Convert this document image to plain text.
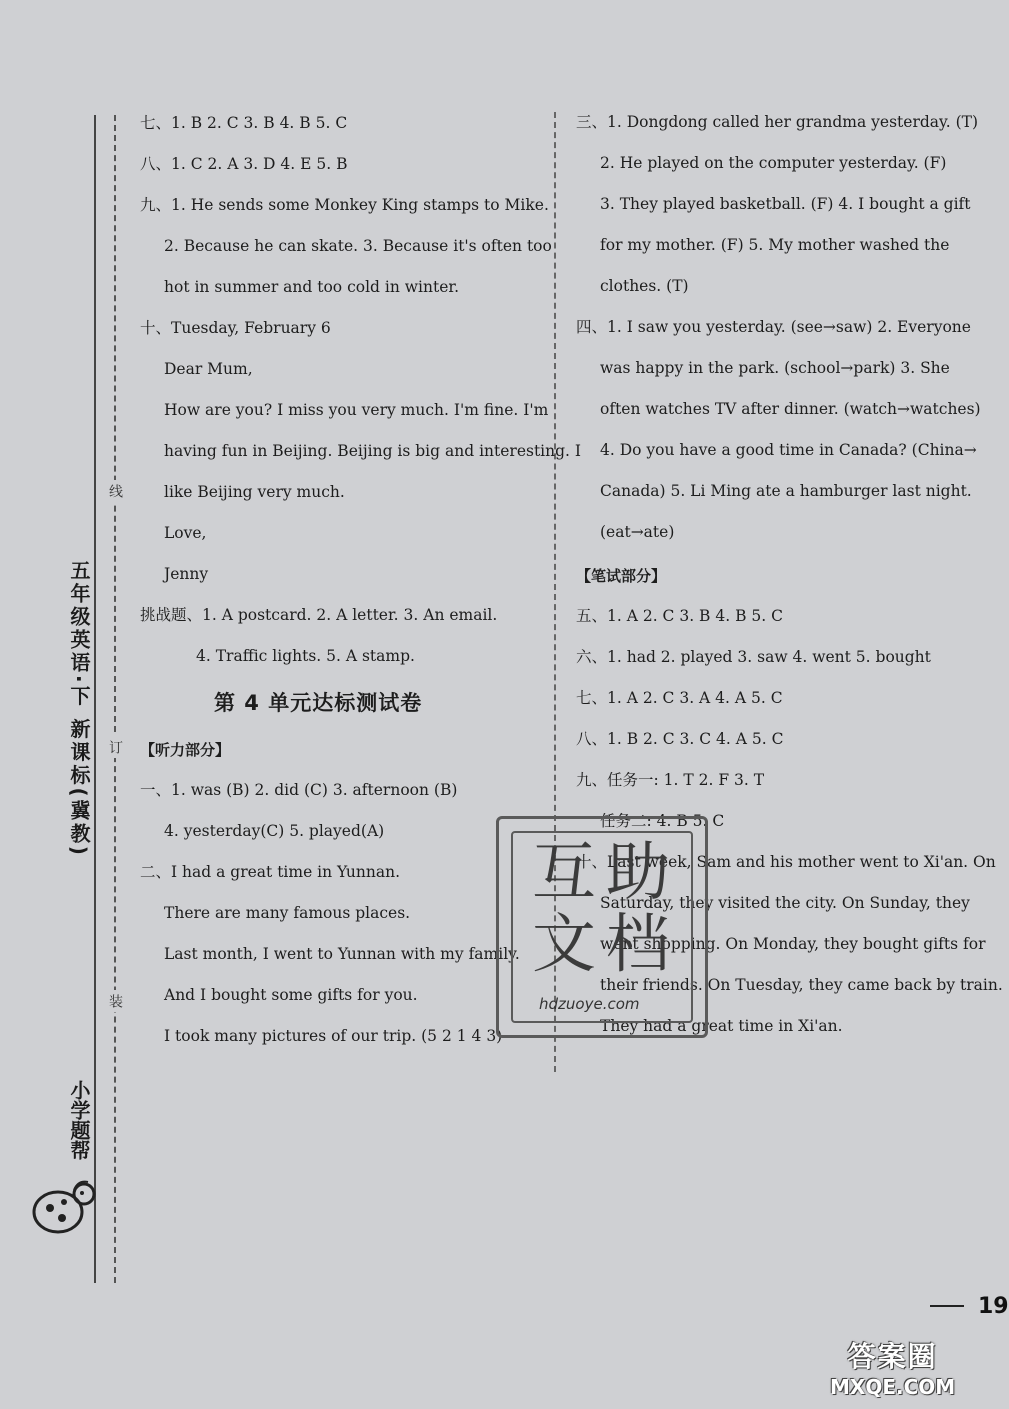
五年级英语·下 新课标(冀教)
小学题帮
线
订
装
七、1. B 2. C 3. B 4. B 5. C
八、1. C 2. A 3. D 4. E 5. B
九、1. He sends some Monkey King stamps to Mike.
2. Because he can skate. 3. Because it's often too
hot in summer and too cold in winter.
十、Tuesday, February 6
Dear Mum,
How are you? I miss you very much. I'm fine. I'm
having fun in Beijing. Beijing is big and interesting. I
like Beijing very much.
Love,
Jenny
挑战题、1. A postcard. 2. A letter. 3. An email.
4. Traffic lights. 5. A stamp.
第 4 单元达标测试卷
【听力部分】
一、1. was (B) 2. did (C) 3. afternoon (B)
4. yesterday(C) 5. played(A)
二、I had a great time in Yunnan.
There are many famous places.
Last month, I went to Yunnan with my family.
And I bought some gifts for you.
I took many pictures of our trip. (5 2 1 4 3)
三、1. Dongdong called her grandma yesterday. (T)
2. He played on the computer yesterday. (F)
3. They played basketball. (F) 4. I bought a gift
for my mother. (F) 5. My mother washed the
clothes. (T)
四、1. I saw you yesterday. (see→saw) 2. Everyone
was happy in the park. (school→park) 3. She
often watches TV after dinner. (watch→watches)
4. Do you have a good time in Canada? (China→
Canada) 5. Li Ming ate a hamburger last night.
(eat→ate)
【笔试部分】
五、1. A 2. C 3. B 4. B 5. C
六、1. had 2. played 3. saw 4. went 5. bought
七、1. A 2. C 3. A 4. A 5. C
八、1. B 2. C 3. C 4. A 5. C
九、任务一: 1. T 2. F 3. T
任务二: 4. B 5. C
十、Last week, Sam and his mother went to Xi'an. On
Saturday, they visited the city. On Sunday, they
went shopping. On Monday, they bought gifts for
their friends. On Tuesday, they came back by train.
They had a great time in Xi'an.
互助文档
hdzuoye.com
19
答案圈
MXQE.COM
